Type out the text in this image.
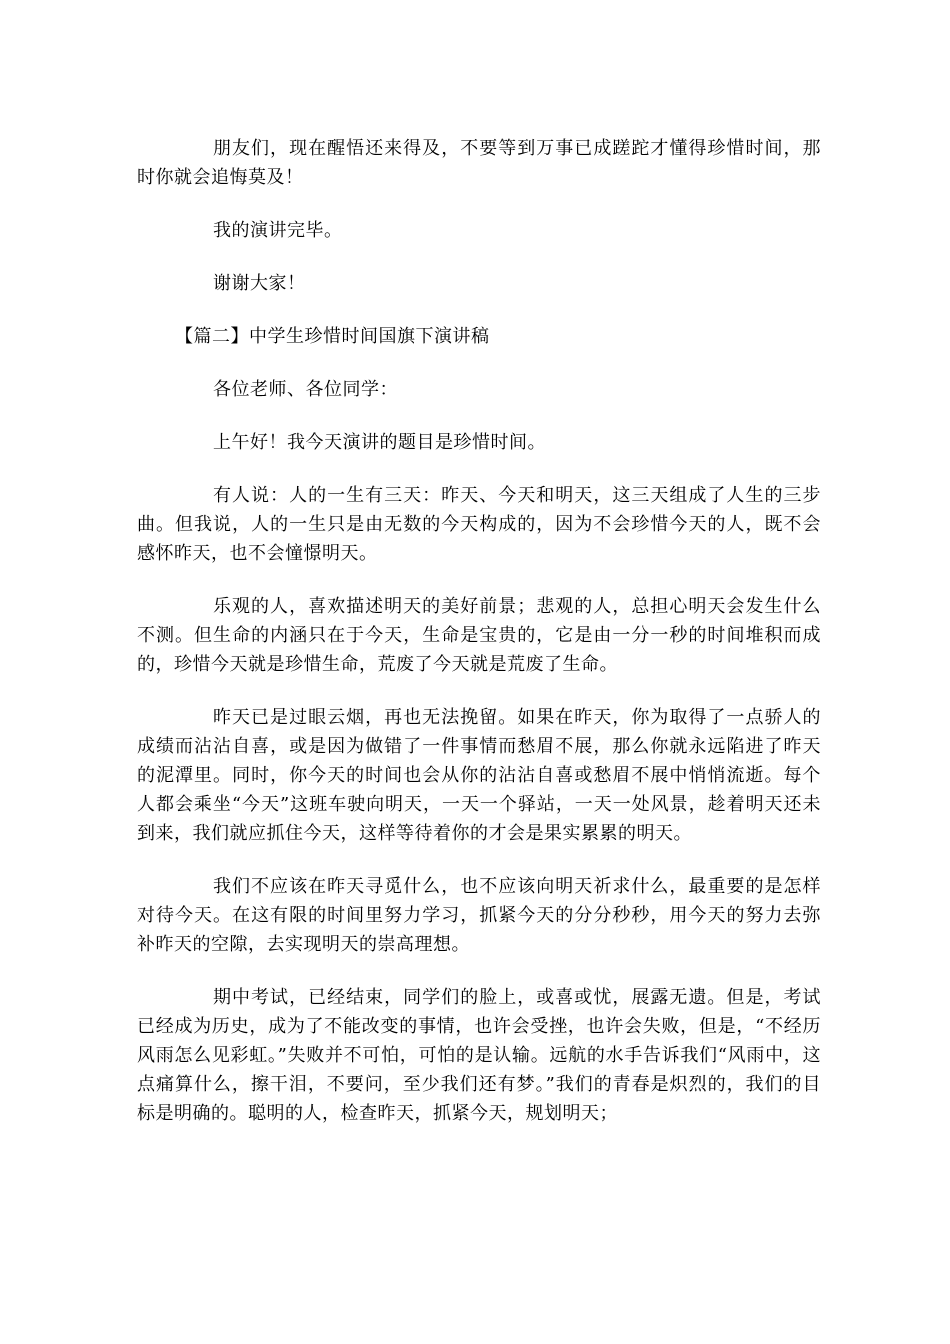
朋友们，现在醒悟还来得及，不要等到万事已成蹉跎才懂得珍惜时间，那时你就会追悔莫及！

我的演讲完毕。

谢谢大家！

【篇二】中学生珍惜时间国旗下演讲稿

各位老师、各位同学：

上午好！我今天演讲的题目是珍惜时间。

有人说：人的一生有三天：昨天、今天和明天，这三天组成了人生的三步曲。但我说，人的一生只是由无数的今天构成的，因为不会珍惜今天的人，既不会感怀昨天，也不会憧憬明天。

乐观的人，喜欢描述明天的美好前景；悲观的人，总担心明天会发生什么不测。但生命的内涵只在于今天，生命是宝贵的，它是由一分一秒的时间堆积而成的，珍惜今天就是珍惜生命，荒废了今天就是荒废了生命。

昨天已是过眼云烟，再也无法挽留。如果在昨天，你为取得了一点骄人的成绩而沾沾自喜，或是因为做错了一件事情而愁眉不展，那么你就永远陷进了昨天的泥潭里。同时，你今天的时间也会从你的沾沾自喜或愁眉不展中悄悄流逝。每个人都会乘坐“今天”这班车驶向明天，一天一个驿站，一天一处风景，趁着明天还未到来，我们就应抓住今天，这样等待着你的才会是果实累累的明天。

我们不应该在昨天寻觅什么，也不应该向明天祈求什么，最重要的是怎样对待今天。在这有限的时间里努力学习，抓紧今天的分分秒秒，用今天的努力去弥补昨天的空隙，去实现明天的崇高理想。

期中考试，已经结束，同学们的脸上，或喜或忧，展露无遗。但是，考试已经成为历史，成为了不能改变的事情，也许会受挫，也许会失败，但是，“不经历风雨怎么见彩虹。”失败并不可怕，可怕的是认输。远航的水手告诉我们“风雨中，这点痛算什么，擦干泪，不要问，至少我们还有梦。”我们的青春是炽烈的，我们的目标是明确的。聪明的人，检查昨天，抓紧今天，规划明天；
